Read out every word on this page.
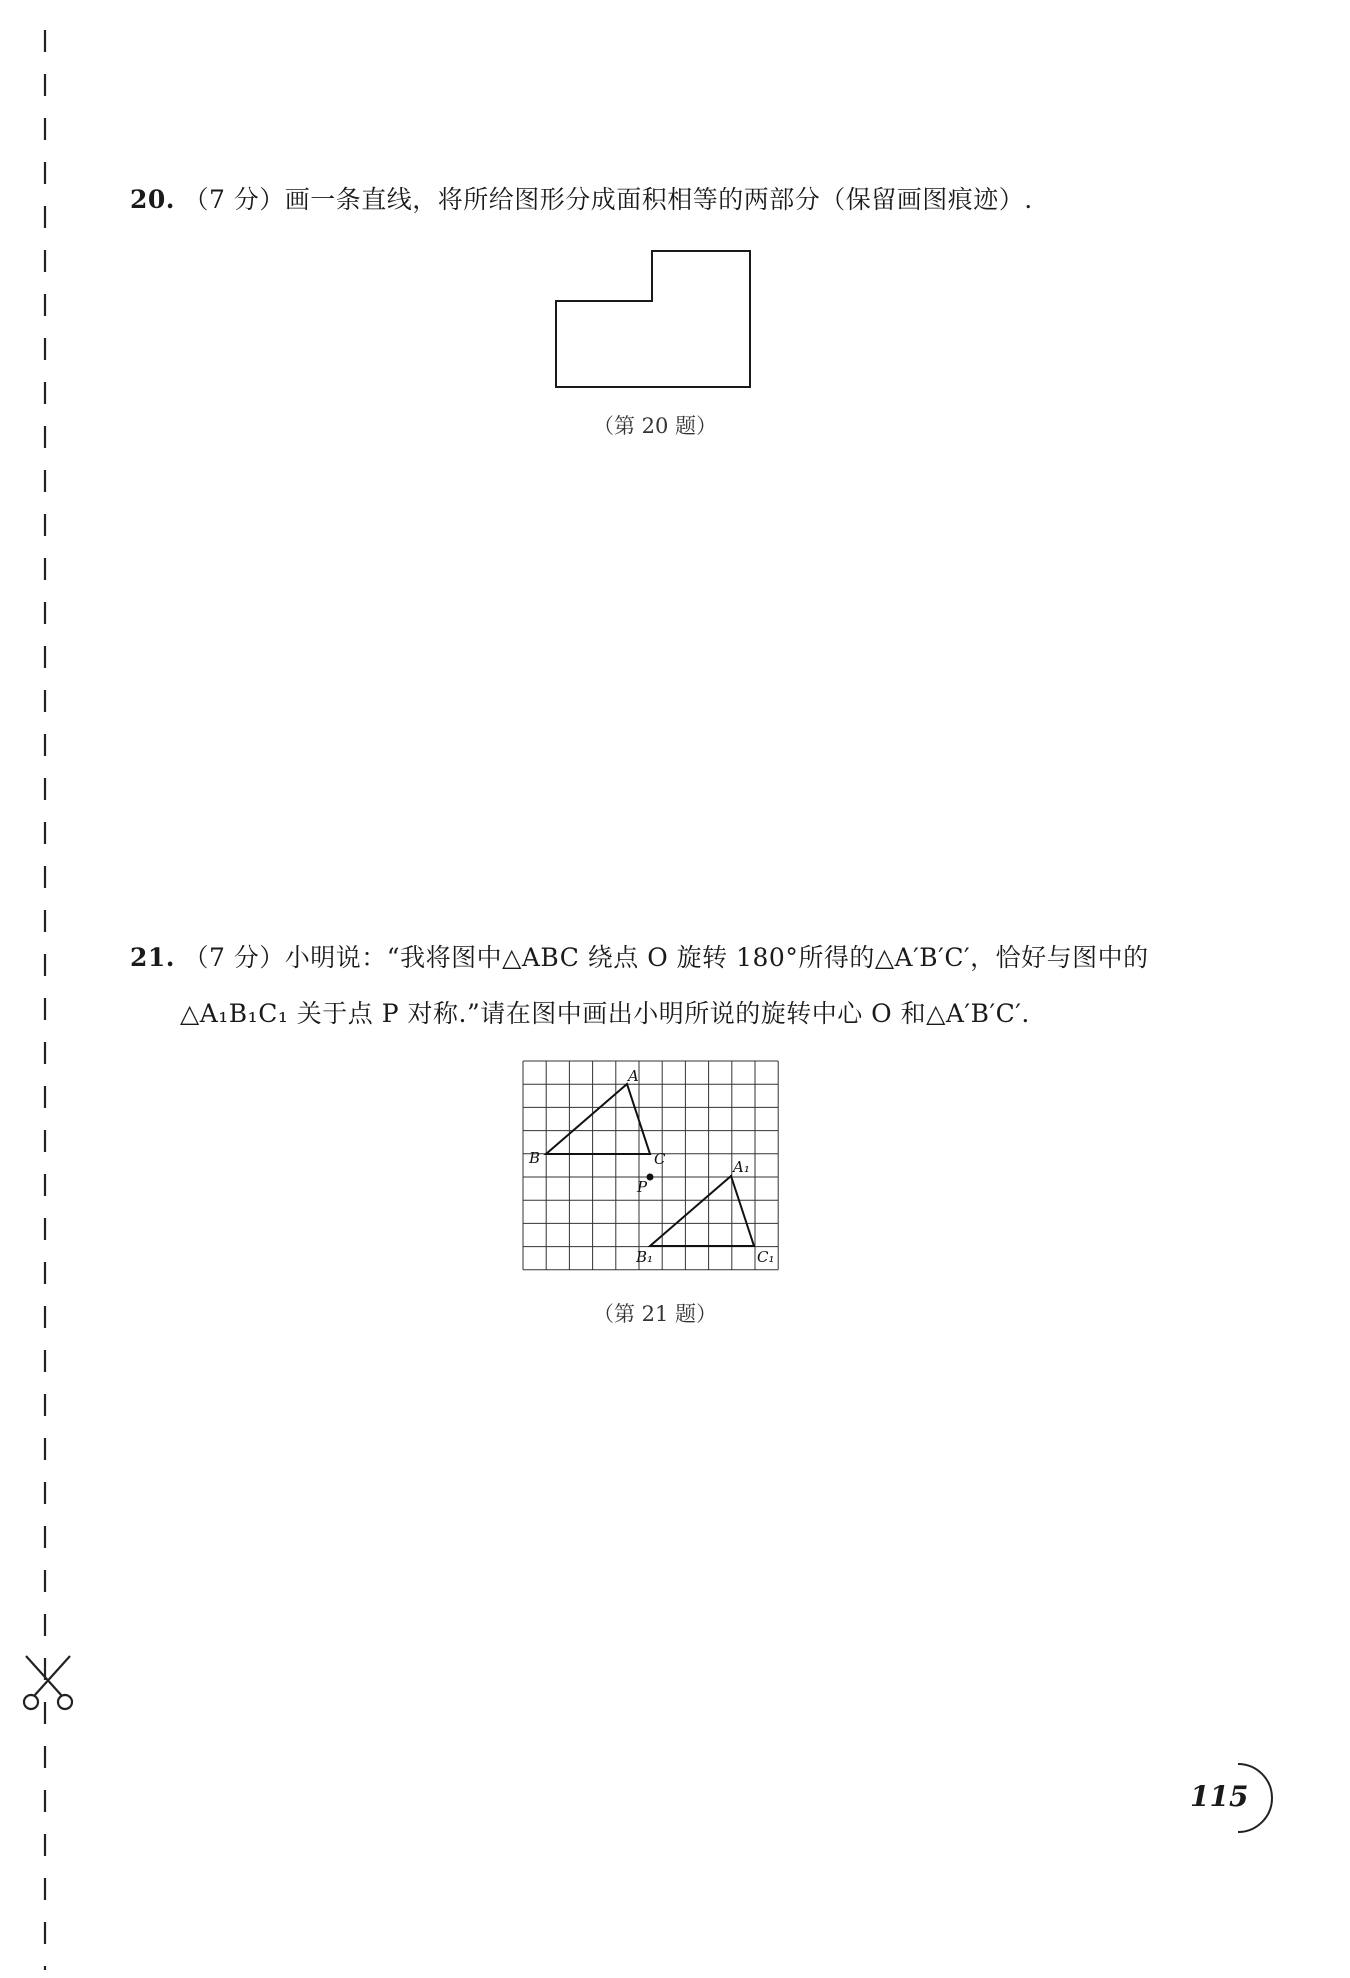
20. （7 分）画一条直线，将所给图形分成面积相等的两部分（保留画图痕迹）.
（第 20 题）
21. （7 分）小明说：“我将图中△ABC 绕点 O 旋转 180°所得的△A′B′C′，恰好与图中的
△A₁B₁C₁ 关于点 P 对称.”请在图中画出小明所说的旋转中心 O 和△A′B′C′.
A
B	C
P
A₁
B₁	C₁
（第 21 题）
115
